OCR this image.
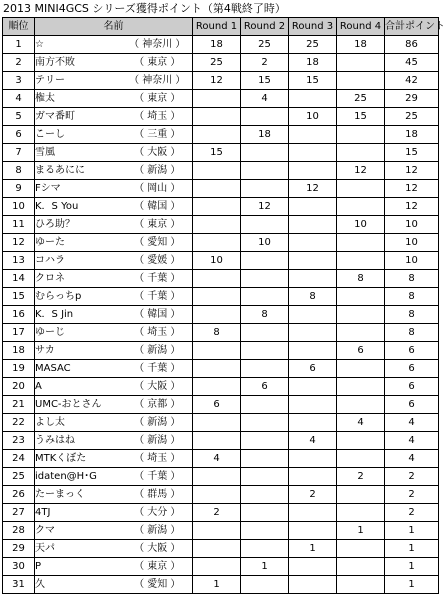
2013 MINI4GCS シリーズ獲得ポイント（第4戦終了時）
順位	名前		Round 1	Round 2	Round 3	Round 4	合計ポイント
1	☆	（ 神奈川 ）	18	25	25	18	86
2	南方不敗	（ 東京 ）	25	2	18		45
3	テリー	（ 神奈川 ）	12	15	15		42
4	権太	（ 東京 ）		4		25	29
5	ガマ番町	（ 埼玉 ）			10	15	25
6	こーし	（ 三重 ）		18			18
7	雪風	（ 大阪 ）	15				15
8	まるあにに	（ 新潟 ）				12	12
9	Fシマ	（ 岡山 ）			12		12
10	K．S You	（ 韓国 ）		12			12
11	ひろ助？	（ 東京 ）				10	10
12	ゆーた	（ 愛知 ）		10			10
13	コハラ	（ 愛媛 ）	10				10
14	クロネ	（ 千葉 ）				8	8
15	むらっちp	（ 千葉 ）			8		8
16	K．S Jin	（ 韓国 ）		8			8
17	ゆーじ	（ 埼玉 ）	8				8
18	サカ	（ 新潟 ）				6	6
19	MASAC	（ 千葉 ）			6		6
20	A	（ 大阪 ）		6			6
21	UMC-おとさん	（ 京都 ）	6				6
22	よし太	（ 新潟 ）				4	4
23	うみはね	（ 新潟 ）			4		4
24	MTKくぼた	（ 埼玉 ）	4				4
25	idaten@H･G	（ 千葉 ）				2	2
26	たーまっく	（ 群馬 ）			2		2
27	4TJ	（ 大分 ）	2				2
28	クマ	（ 新潟 ）				1	1
29	天パ	（ 大阪 ）			1		1
30	P	（ 東京 ）		1			1
31	久	（ 愛知 ）	1				1
